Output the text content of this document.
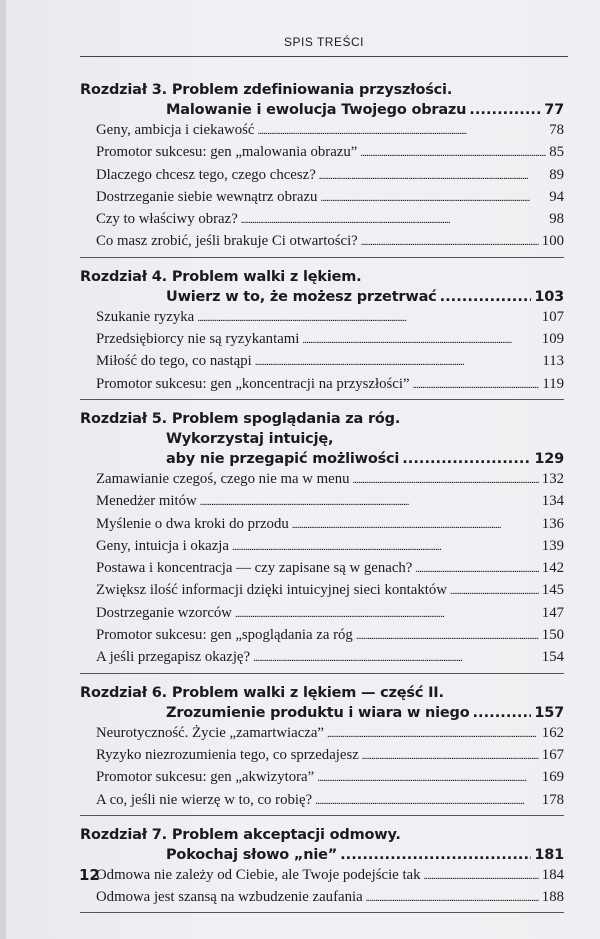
SPIS TREŚCI
Rozdział 3. Problem zdefiniowania przyszłości.
Malowanie i ewolucja Twojego obrazu . . .	77
Geny, ambicja i ciekawość . . .	78
Promotor sukcesu: gen „malowania obrazu” . . .	85
Dlaczego chcesz tego, czego chcesz? . . .	89
Dostrzeganie siebie wewnątrz obrazu . . .	94
Czy to właściwy obraz? . . .	98
Co masz zrobić, jeśli brakuje Ci otwartości? . . .	100
Rozdział 4. Problem walki z lękiem.
Uwierz w to, że możesz przetrwać . . .	103
Szukanie ryzyka . . .	107
Przedsiębiorcy nie są ryzykantami . . .	109
Miłość do tego, co nastąpi . . .	113
Promotor sukcesu: gen „koncentracji na przyszłości” . . .	119
Rozdział 5. Problem spoglądania za róg.
Wykorzystaj intuicję,
aby nie przegapić możliwości . . .	129
Zamawianie czegoś, czego nie ma w menu . . .	132
Menedżer mitów . . .	134
Myślenie o dwa kroki do przodu . . .	136
Geny, intuicja i okazja . . .	139
Postawa i koncentracja — czy zapisane są w genach? . . .	142
Zwiększ ilość informacji dzięki intuicyjnej sieci kontaktów . . .	145
Dostrzeganie wzorców . . .	147
Promotor sukcesu: gen „spoglądania za róg . . .	150
A jeśli przegapisz okazję? . . .	154
Rozdział 6. Problem walki z lękiem — część II.
Zrozumienie produktu i wiara w niego . . .	157
Neurotyczność. Życie „zamartwiacza” . . .	162
Ryzyko niezrozumienia tego, co sprzedajesz . . .	167
Promotor sukcesu: gen „akwizytora” . . .	169
A co, jeśli nie wierzę w to, co robię? . . .	178
Rozdział 7. Problem akceptacji odmowy.
Pokochaj słowo „nie” . . .	181
Odmowa nie zależy od Ciebie, ale Twoje podejście tak . . .	184
Odmowa jest szansą na wzbudzenie zaufania . . .	188
12
